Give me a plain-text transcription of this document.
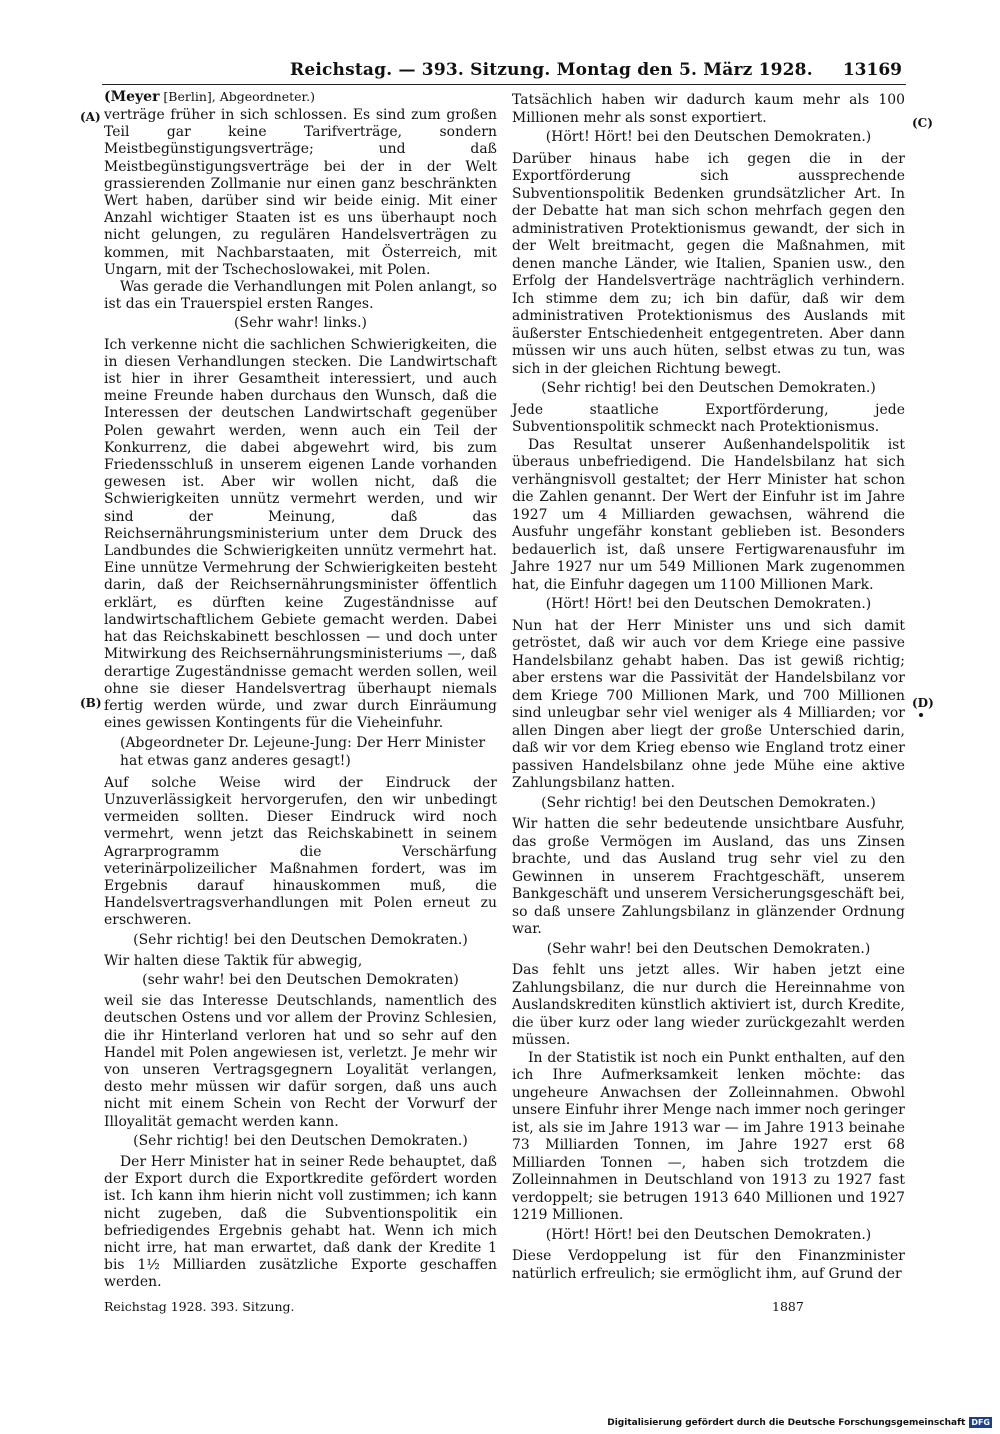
Reichstag. — 393. Sitzung. Montag den 5. März 1928. 13169
(A)
(B)
(C)
(D)
(Meyer [Berlin], Abgeordneter.)

verträge früher in sich schlossen. Es sind zum großen Teil gar keine Tarifverträge, sondern Meistbegünstigungsverträge; und daß Meistbegünstigungsverträge bei der in der Welt grassierenden Zollmanie nur einen ganz beschränkten Wert haben, darüber sind wir beide einig. Mit einer Anzahl wichtiger Staaten ist es uns überhaupt noch nicht gelungen, zu regulären Handelsverträgen zu kommen, mit Nachbarstaaten, mit Österreich, mit Ungarn, mit der Tschechoslowakei, mit Polen.

Was gerade die Verhandlungen mit Polen anlangt, so ist das ein Trauerspiel ersten Ranges.

(Sehr wahr! links.)

Ich verkenne nicht die sachlichen Schwierigkeiten, die in diesen Verhandlungen stecken. Die Landwirtschaft ist hier in ihrer Gesamtheit interessiert, und auch meine Freunde haben durchaus den Wunsch, daß die Interessen der deutschen Landwirtschaft gegenüber Polen gewahrt werden, wenn auch ein Teil der Konkurrenz, die dabei abgewehrt wird, bis zum Friedensschluß in unserem eigenen Lande vorhanden gewesen ist. Aber wir wollen nicht, daß die Schwierigkeiten unnütz vermehrt werden, und wir sind der Meinung, daß das Reichsernährungsministerium unter dem Druck des Landbundes die Schwierigkeiten unnütz vermehrt hat. Eine unnütze Vermehrung der Schwierigkeiten besteht darin, daß der Reichsernährungsminister öffentlich erklärt, es dürften keine Zugeständnisse auf landwirtschaftlichem Gebiete gemacht werden. Dabei hat das Reichskabinett beschlossen — und doch unter Mitwirkung des Reichsernährungsministeriums —, daß derartige Zugeständnisse gemacht werden sollen, weil ohne sie dieser Handelsvertrag überhaupt niemals fertig werden würde, und zwar durch Einräumung eines gewissen Kontingents für die Vieheinfuhr.

(Abgeordneter Dr. Lejeune-Jung: Der Herr Minister hat etwas ganz anderes gesagt!)

Auf solche Weise wird der Eindruck der Unzuverlässigkeit hervorgerufen, den wir unbedingt vermeiden sollten. Dieser Eindruck wird noch vermehrt, wenn jetzt das Reichskabinett in seinem Agrarprogramm die Verschärfung veterinärpolizeilicher Maßnahmen fordert, was im Ergebnis darauf hinauskommen muß, die Handelsvertragsverhandlungen mit Polen erneut zu erschweren.

(Sehr richtig! bei den Deutschen Demokraten.)

Wir halten diese Taktik für abwegig,

(sehr wahr! bei den Deutschen Demokraten)

weil sie das Interesse Deutschlands, namentlich des deutschen Ostens und vor allem der Provinz Schlesien, die ihr Hinterland verloren hat und so sehr auf den Handel mit Polen angewiesen ist, verletzt. Je mehr wir von unseren Vertragsgegnern Loyalität verlangen, desto mehr müssen wir dafür sorgen, daß uns auch nicht mit einem Schein von Recht der Vorwurf der Illoyalität gemacht werden kann.

(Sehr richtig! bei den Deutschen Demokraten.)

Der Herr Minister hat in seiner Rede behauptet, daß der Export durch die Exportkredite gefördert worden ist. Ich kann ihm hierin nicht voll zustimmen; ich kann nicht zugeben, daß die Subventionspolitik ein befriedigendes Ergebnis gehabt hat. Wenn ich mich nicht irre, hat man erwartet, daß dank der Kredite 1 bis 1½ Milliarden zusätzliche Exporte geschaffen werden.

Tatsächlich haben wir dadurch kaum mehr als 100 Millionen mehr als sonst exportiert.

(Hört! Hört! bei den Deutschen Demokraten.)

Darüber hinaus habe ich gegen die in der Exportförderung sich aussprechende Subventionspolitik Bedenken grundsätzlicher Art. In der Debatte hat man sich schon mehrfach gegen den administrativen Protektionismus gewandt, der sich in der Welt breitmacht, gegen die Maßnahmen, mit denen manche Länder, wie Italien, Spanien usw., den Erfolg der Handelsverträge nachträglich verhindern. Ich stimme dem zu; ich bin dafür, daß wir dem administrativen Protektionismus des Auslands mit äußerster Entschiedenheit entgegentreten. Aber dann müssen wir uns auch hüten, selbst etwas zu tun, was sich in der gleichen Richtung bewegt.

(Sehr richtig! bei den Deutschen Demokraten.)

Jede staatliche Exportförderung, jede Subventionspolitik schmeckt nach Protektionismus.

Das Resultat unserer Außenhandelspolitik ist überaus unbefriedigend. Die Handelsbilanz hat sich verhängnisvoll gestaltet; der Herr Minister hat schon die Zahlen genannt. Der Wert der Einfuhr ist im Jahre 1927 um 4 Milliarden gewachsen, während die Ausfuhr ungefähr konstant geblieben ist. Besonders bedauerlich ist, daß unsere Fertigwarenausfuhr im Jahre 1927 nur um 549 Millionen Mark zugenommen hat, die Einfuhr dagegen um 1100 Millionen Mark.

(Hört! Hört! bei den Deutschen Demokraten.)

Nun hat der Herr Minister uns und sich damit getröstet, daß wir auch vor dem Kriege eine passive Handelsbilanz gehabt haben. Das ist gewiß richtig; aber erstens war die Passivität der Handelsbilanz vor dem Kriege 700 Millionen Mark, und 700 Millionen sind unleugbar sehr viel weniger als 4 Milliarden; vor allen Dingen aber liegt der große Unterschied darin, daß wir vor dem Krieg ebenso wie England trotz einer passiven Handelsbilanz ohne jede Mühe eine aktive Zahlungsbilanz hatten.

(Sehr richtig! bei den Deutschen Demokraten.)

Wir hatten die sehr bedeutende unsichtbare Ausfuhr, das große Vermögen im Ausland, das uns Zinsen brachte, und das Ausland trug sehr viel zu den Gewinnen in unserem Frachtgeschäft, unserem Bankgeschäft und unserem Versicherungsgeschäft bei, so daß unsere Zahlungsbilanz in glänzender Ordnung war.

(Sehr wahr! bei den Deutschen Demokraten.)

Das fehlt uns jetzt alles. Wir haben jetzt eine Zahlungsbilanz, die nur durch die Hereinnahme von Auslandskrediten künstlich aktiviert ist, durch Kredite, die über kurz oder lang wieder zurückgezahlt werden müssen.

In der Statistik ist noch ein Punkt enthalten, auf den ich Ihre Aufmerksamkeit lenken möchte: das ungeheure Anwachsen der Zolleinnahmen. Obwohl unsere Einfuhr ihrer Menge nach immer noch geringer ist, als sie im Jahre 1913 war — im Jahre 1913 beinahe 73 Milliarden Tonnen, im Jahre 1927 erst 68 Milliarden Tonnen —, haben sich trotzdem die Zolleinnahmen in Deutschland von 1913 zu 1927 fast verdoppelt; sie betrugen 1913 640 Millionen und 1927 1219 Millionen.

(Hört! Hört! bei den Deutschen Demokraten.)

Diese Verdoppelung ist für den Finanzminister natürlich erfreulich; sie ermöglicht ihm, auf Grund der

Reichstag 1928. 393. Sitzung.	1887
Digitalisierung gefördert durch die Deutsche Forschungsgemeinschaft DFG
